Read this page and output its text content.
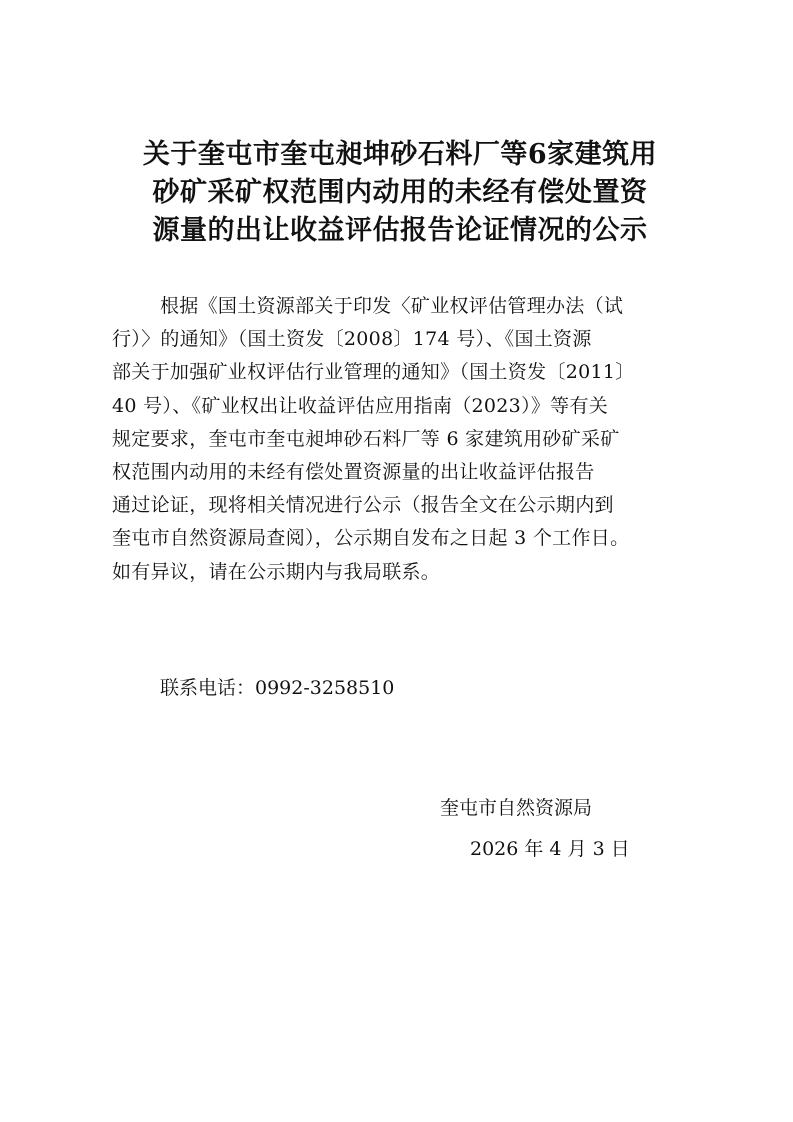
关于奎屯市奎屯昶坤砂石料厂等6家建筑用
砂矿采矿权范围内动用的未经有偿处置资
源量的出让收益评估报告论证情况的公示
根据《国土资源部关于印发〈矿业权评估管理办法（试
行）〉的通知》（国土资发〔2008〕174 号）、《国土资源
部关于加强矿业权评估行业管理的通知》（国土资发〔2011〕
40 号）、《矿业权出让收益评估应用指南（2023）》等有关
规定要求，奎屯市奎屯昶坤砂石料厂等 6 家建筑用砂矿采矿
权范围内动用的未经有偿处置资源量的出让收益评估报告
通过论证，现将相关情况进行公示（报告全文在公示期内到
奎屯市自然资源局查阅），公示期自发布之日起 3 个工作日。
如有异议，请在公示期内与我局联系。
联系电话：0992-3258510
奎屯市自然资源局
2026 年 4 月 3 日
